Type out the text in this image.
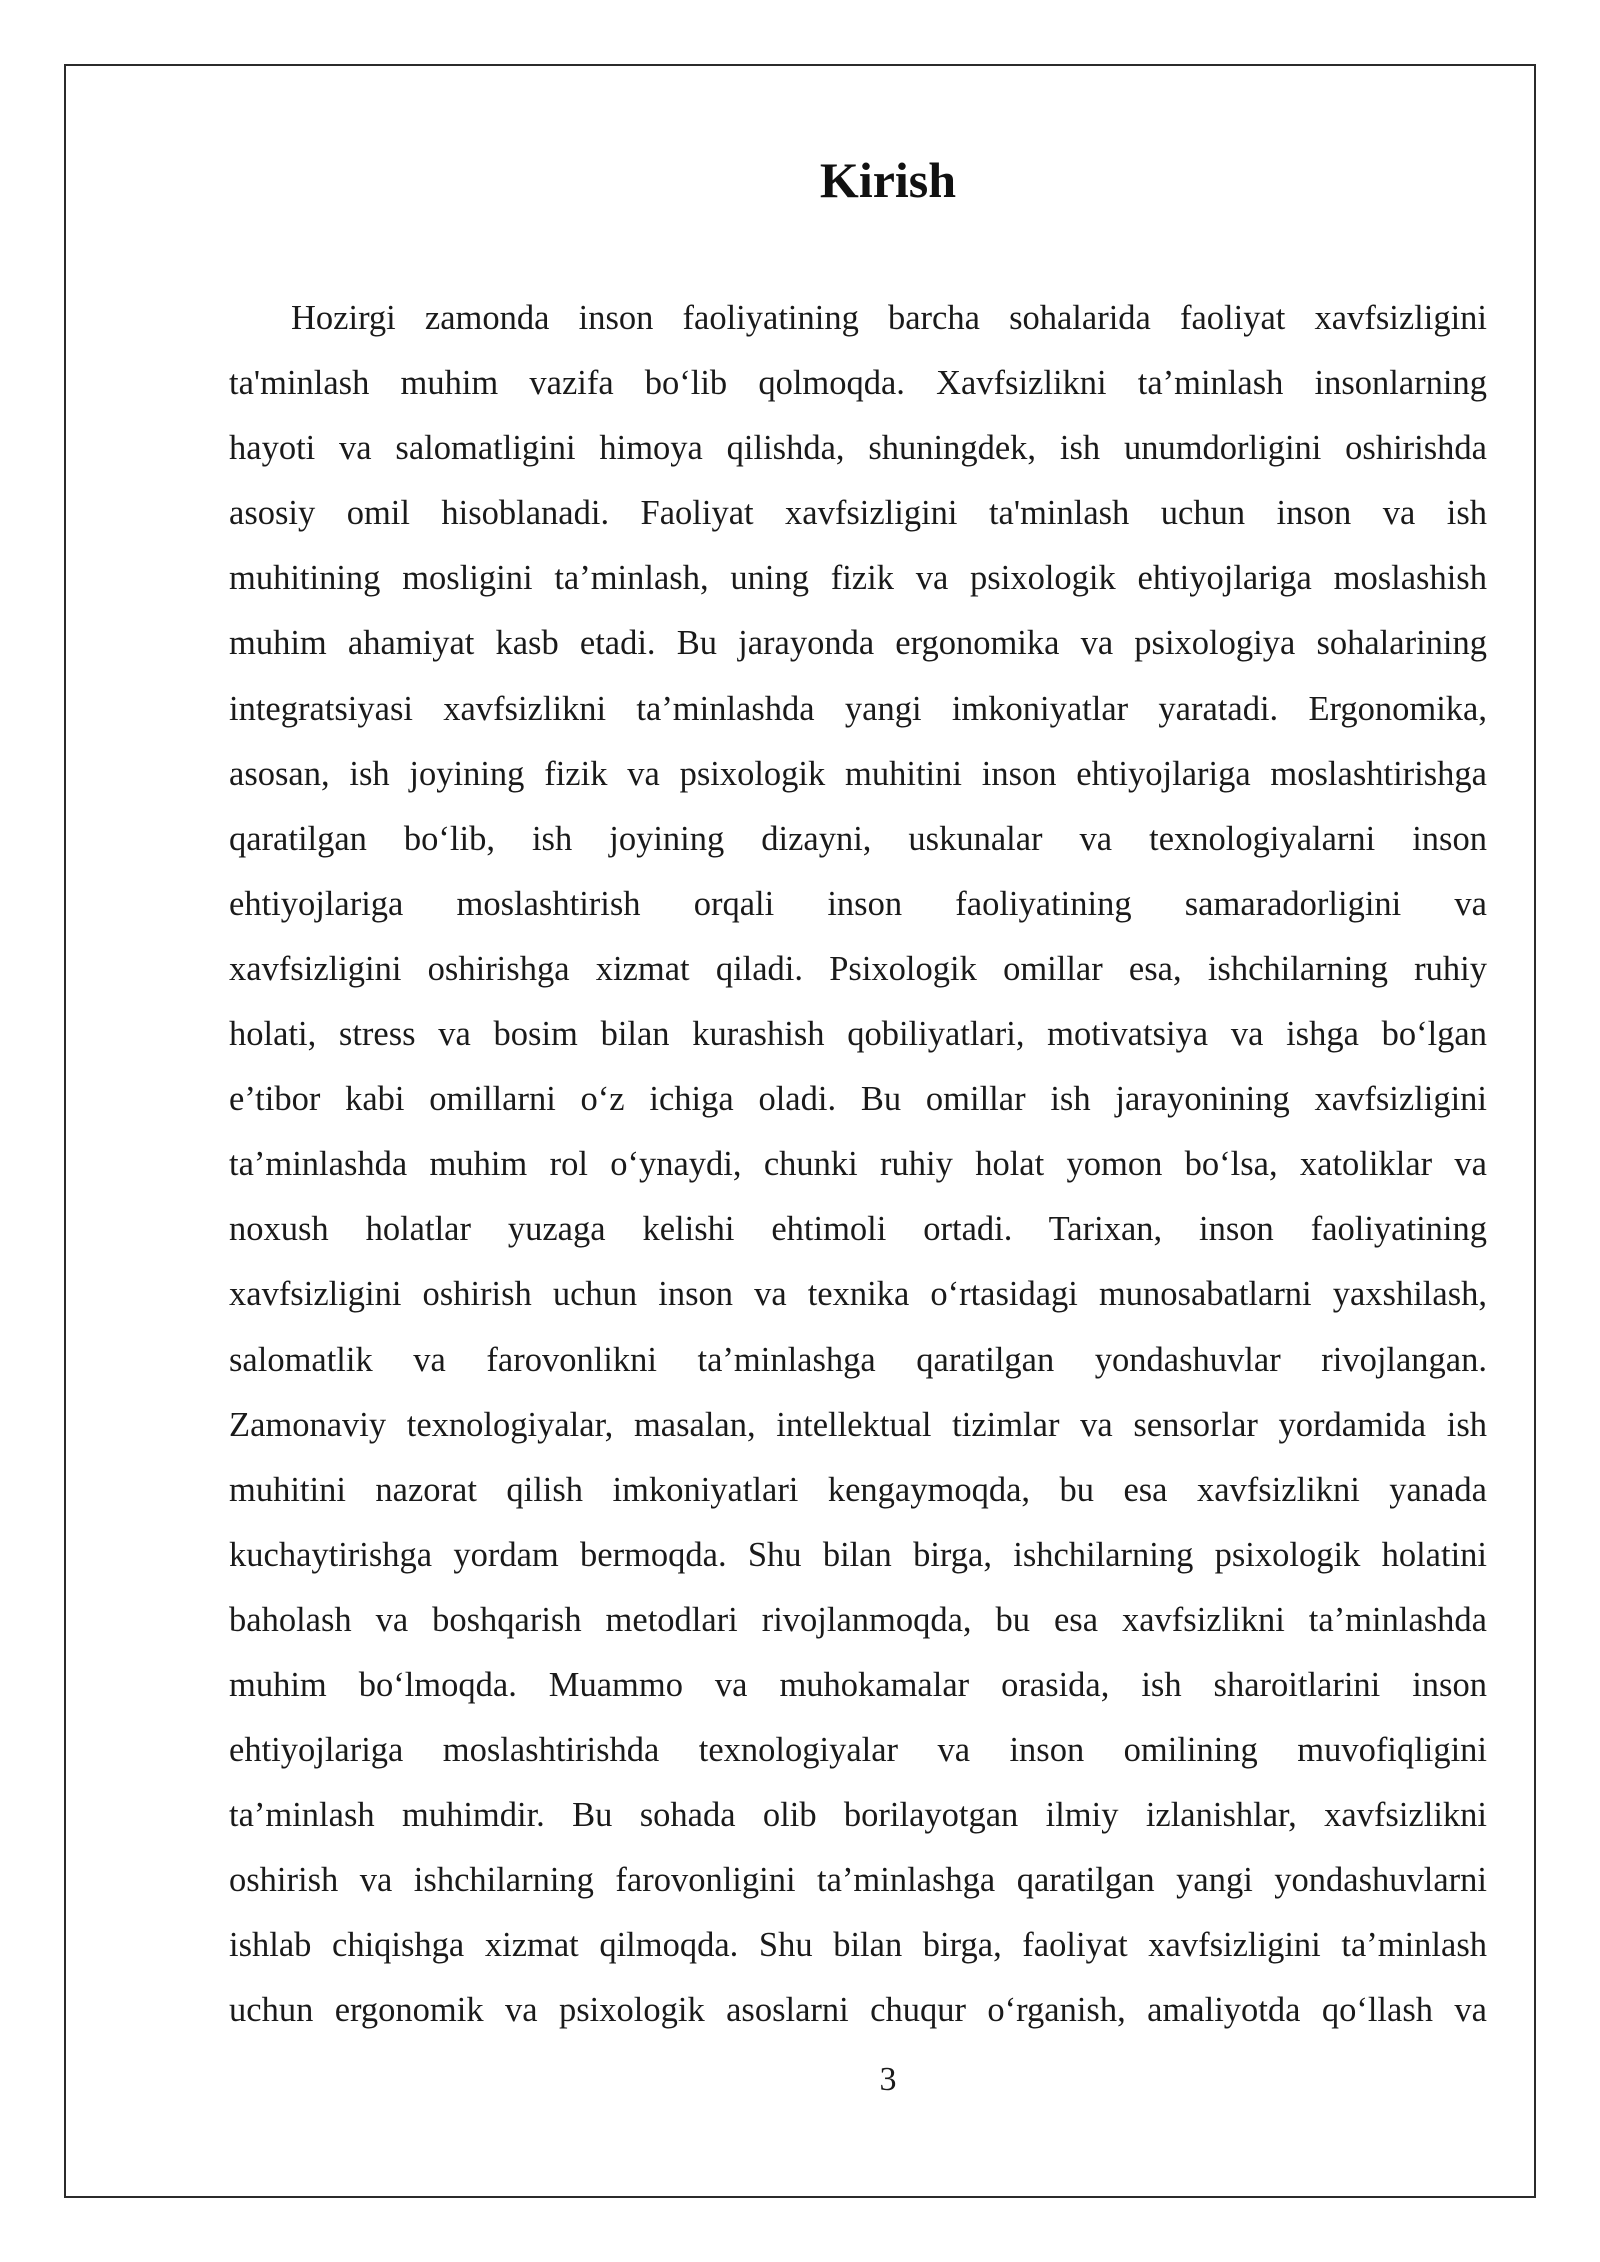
Kirish
Hozirgi zamonda inson faoliyatining barcha sohalarida faoliyat xavfsizligini
ta'minlash muhim vazifa bo‘lib qolmoqda. Xavfsizlikni ta’minlash insonlarning
hayoti va salomatligini himoya qilishda, shuningdek, ish unumdorligini oshirishda
asosiy omil hisoblanadi. Faoliyat xavfsizligini ta'minlash uchun inson va ish
muhitining mosligini ta’minlash, uning fizik va psixologik ehtiyojlariga moslashish
muhim ahamiyat kasb etadi. Bu jarayonda ergonomika va psixologiya sohalarining
integratsiyasi xavfsizlikni ta’minlashda yangi imkoniyatlar yaratadi. Ergonomika,
asosan, ish joyining fizik va psixologik muhitini inson ehtiyojlariga moslashtirishga
qaratilgan bo‘lib, ish joyining dizayni, uskunalar va texnologiyalarni inson
ehtiyojlariga moslashtirish orqali inson faoliyatining samaradorligini va
xavfsizligini oshirishga xizmat qiladi. Psixologik omillar esa, ishchilarning ruhiy
holati, stress va bosim bilan kurashish qobiliyatlari, motivatsiya va ishga bo‘lgan
e’tibor kabi omillarni o‘z ichiga oladi. Bu omillar ish jarayonining xavfsizligini
ta’minlashda muhim rol o‘ynaydi, chunki ruhiy holat yomon bo‘lsa, xatoliklar va
noxush holatlar yuzaga kelishi ehtimoli ortadi. Tarixan, inson faoliyatining
xavfsizligini oshirish uchun inson va texnika o‘rtasidagi munosabatlarni yaxshilash,
salomatlik va farovonlikni ta’minlashga qaratilgan yondashuvlar rivojlangan.
Zamonaviy texnologiyalar, masalan, intellektual tizimlar va sensorlar yordamida ish
muhitini nazorat qilish imkoniyatlari kengaymoqda, bu esa xavfsizlikni yanada
kuchaytirishga yordam bermoqda. Shu bilan birga, ishchilarning psixologik holatini
baholash va boshqarish metodlari rivojlanmoqda, bu esa xavfsizlikni ta’minlashda
muhim bo‘lmoqda. Muammo va muhokamalar orasida, ish sharoitlarini inson
ehtiyojlariga moslashtirishda texnologiyalar va inson omilining muvofiqligini
ta’minlash muhimdir. Bu sohada olib borilayotgan ilmiy izlanishlar, xavfsizlikni
oshirish va ishchilarning farovonligini ta’minlashga qaratilgan yangi yondashuvlarni
ishlab chiqishga xizmat qilmoqda. Shu bilan birga, faoliyat xavfsizligini ta’minlash
uchun ergonomik va psixologik asoslarni chuqur o‘rganish, amaliyotda qo‘llash va
3
